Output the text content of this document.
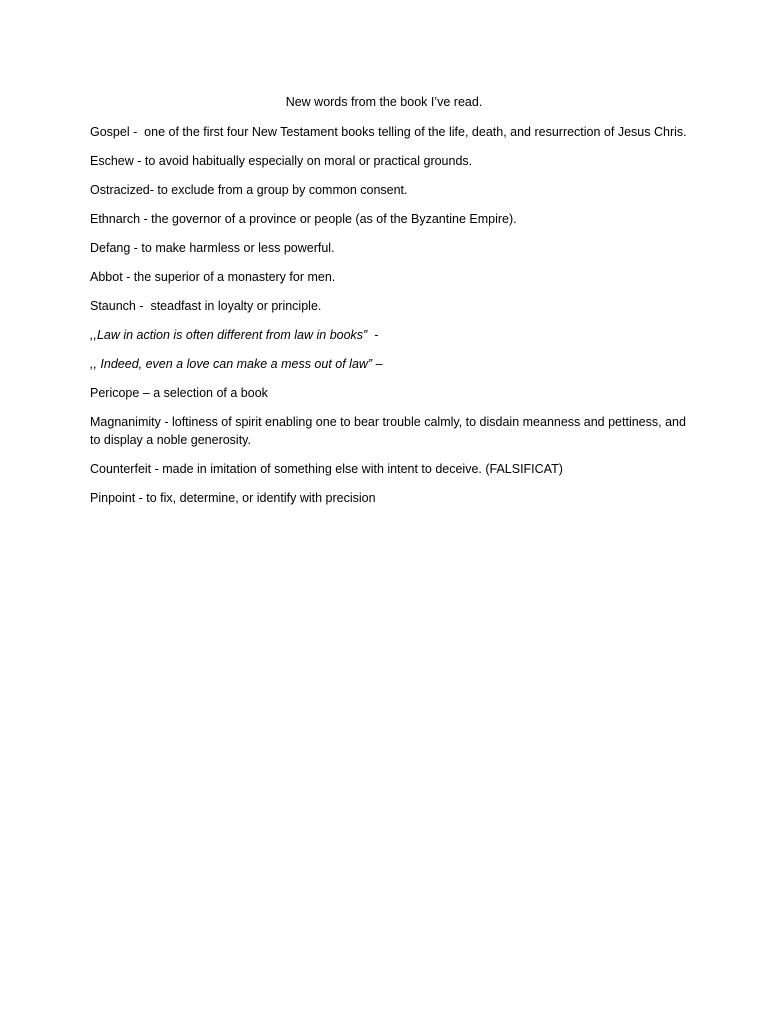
New words from the book I’ve read.
Gospel -  one of the first four New Testament books telling of the life, death, and resurrection of Jesus Chris.
Eschew - to avoid habitually especially on moral or practical grounds.
Ostracized- to exclude from a group by common consent.
Ethnarch - the governor of a province or people (as of the Byzantine Empire).
Defang - to make harmless or less powerful.
Abbot - the superior of a monastery for men.
Staunch -  steadfast in loyalty or principle.
,,Law in action is often different from law in books”  -
,, Indeed, even a love can make a mess out of law” –
Pericope – a selection of a book
Magnanimity - loftiness of spirit enabling one to bear trouble calmly, to disdain meanness and pettiness, and to display a noble generosity.
Counterfeit - made in imitation of something else with intent to deceive. (FALSIFICAT)
Pinpoint - to fix, determine, or identify with precision
